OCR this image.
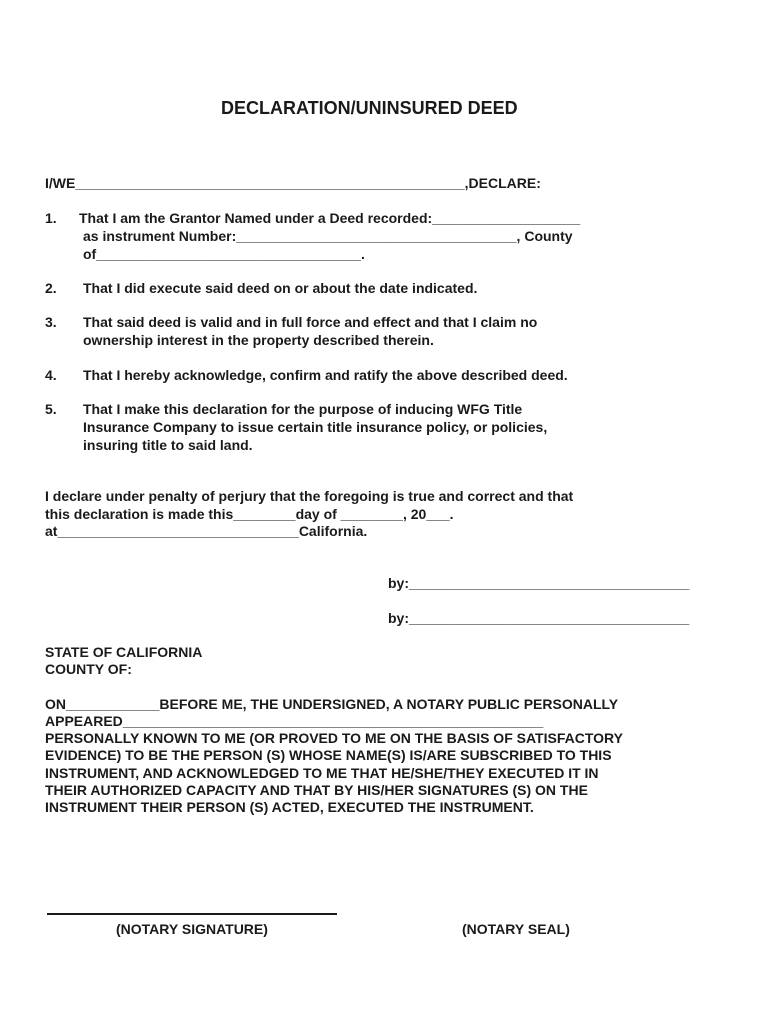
DECLARATION/UNINSURED DEED
I/WE__________________________________________________,DECLARE:
1. That I am the Grantor Named under a Deed recorded:___________________
as instrument Number:____________________________________, County
of__________________________________.
2. That I did execute said deed on or about the date indicated.
3. That said deed is valid and in full force and effect and that I claim no
ownership interest in the property described therein.
4. That I hereby acknowledge, confirm and ratify the above described deed.
5. That I make this declaration for the purpose of inducing WFG Title
Insurance Company to issue certain title insurance policy, or policies,
insuring title to said land.
I declare under penalty of perjury that the foregoing is true and correct and that
this declaration is made this________day of ________, 20___.
at_______________________________California.
by:____________________________________
by:____________________________________
STATE OF CALIFORNIA
COUNTY OF:
ON____________BEFORE ME, THE UNDERSIGNED, A NOTARY PUBLIC PERSONALLY
APPEARED______________________________________________________
PERSONALLY KNOWN TO ME (OR PROVED TO ME ON THE BASIS OF SATISFACTORY
EVIDENCE) TO BE THE PERSON (S) WHOSE NAME(S) IS/ARE SUBSCRIBED TO THIS
INSTRUMENT, AND ACKNOWLEDGED TO ME THAT HE/SHE/THEY EXECUTED IT IN
THEIR AUTHORIZED CAPACITY AND THAT BY HIS/HER SIGNATURES (S) ON THE
INSTRUMENT THEIR PERSON (S) ACTED, EXECUTED THE INSTRUMENT.
(NOTARY SIGNATURE)	(NOTARY SEAL)
